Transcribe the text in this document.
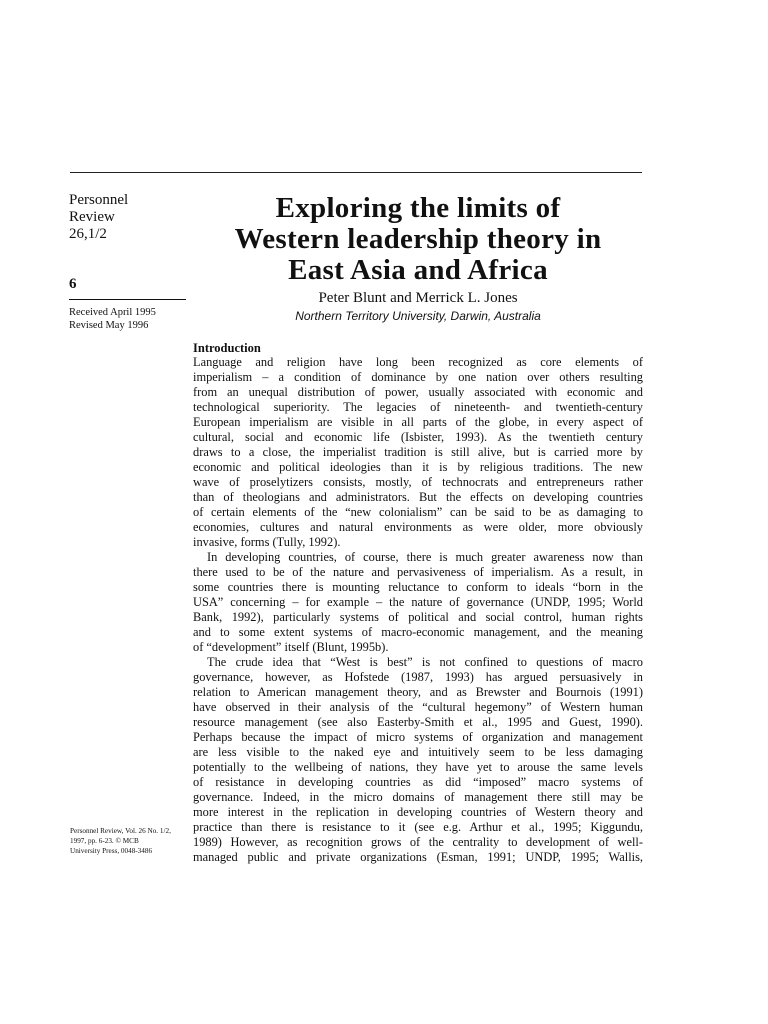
Personnel
Review
26,1/2
6
Received April 1995
Revised May 1996
Personnel Review, Vol. 26 No. 1/2,
1997, pp. 6-23. © MCB
University Press, 0048-3486
Exploring the limits of
Western leadership theory in
East Asia and Africa
Peter Blunt and Merrick L. Jones
Northern Territory University, Darwin, Australia
Introduction
Language and religion have long been recognized as core elements of
imperialism – a condition of dominance by one nation over others resulting
from an unequal distribution of power, usually associated with economic and
technological superiority. The legacies of nineteenth- and twentieth-century
European imperialism are visible in all parts of the globe, in every aspect of
cultural, social and economic life (Isbister, 1993). As the twentieth century
draws to a close, the imperialist tradition is still alive, but is carried more by
economic and political ideologies than it is by religious traditions. The new
wave of proselytizers consists, mostly, of technocrats and entrepreneurs rather
than of theologians and administrators. But the effects on developing countries
of certain elements of the “new colonialism” can be said to be as damaging to
economies, cultures and natural environments as were older, more obviously
invasive, forms (Tully, 1992).
In developing countries, of course, there is much greater awareness now than
there used to be of the nature and pervasiveness of imperialism. As a result, in
some countries there is mounting reluctance to conform to ideals “born in the
USA” concerning – for example – the nature of governance (UNDP, 1995; World
Bank, 1992), particularly systems of political and social control, human rights
and to some extent systems of macro-economic management, and the meaning
of “development” itself (Blunt, 1995b).
The crude idea that “West is best” is not confined to questions of macro
governance, however, as Hofstede (1987, 1993) has argued persuasively in
relation to American management theory, and as Brewster and Bournois (1991)
have observed in their analysis of the “cultural hegemony” of Western human
resource management (see also Easterby-Smith et al., 1995 and Guest, 1990).
Perhaps because the impact of micro systems of organization and management
are less visible to the naked eye and intuitively seem to be less damaging
potentially to the wellbeing of nations, they have yet to arouse the same levels
of resistance in developing countries as did “imposed” macro systems of
governance. Indeed, in the micro domains of management there still may be
more interest in the replication in developing countries of Western theory and
practice than there is resistance to it (see e.g. Arthur et al., 1995; Kiggundu,
1989) However, as recognition grows of the centrality to development of well-
managed public and private organizations (Esman, 1991; UNDP, 1995; Wallis,
